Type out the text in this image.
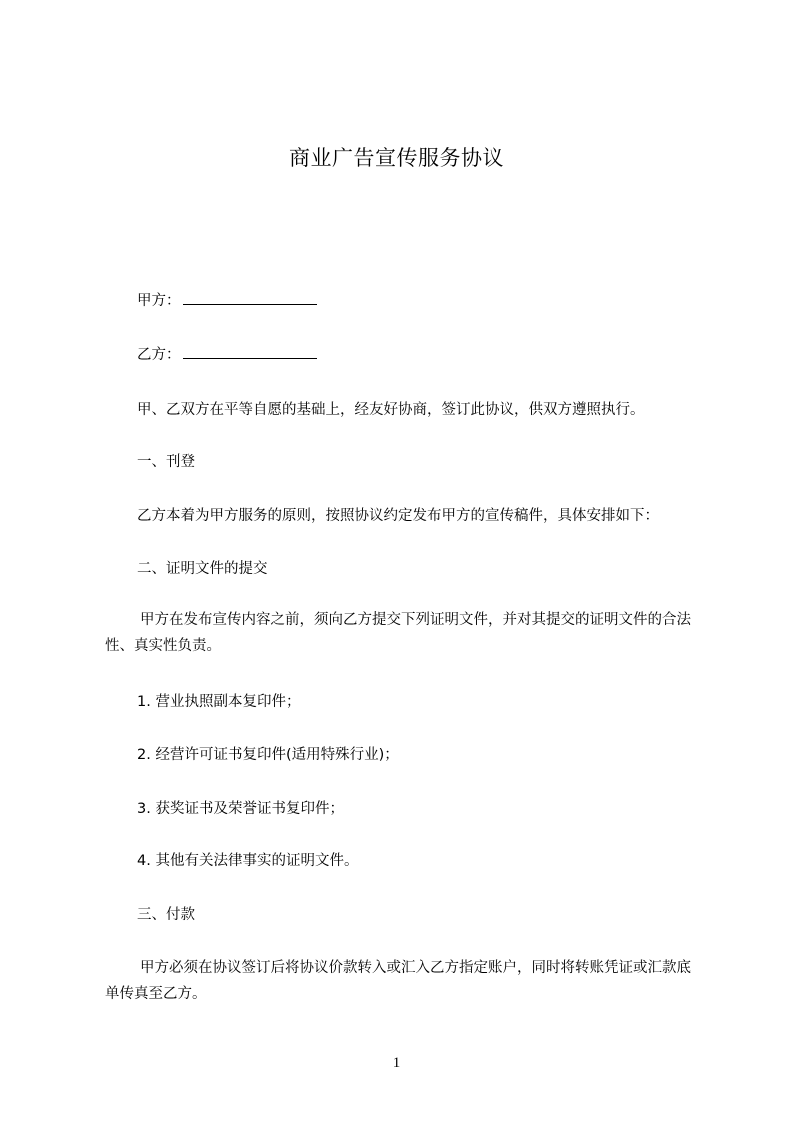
商业广告宣传服务协议
甲方：
乙方：
甲、乙双方在平等自愿的基础上，经友好协商，签订此协议，供双方遵照执行。
一、刊登
乙方本着为甲方服务的原则，按照协议约定发布甲方的宣传稿件，具体安排如下：
二、证明文件的提交
甲方在发布宣传内容之前，须向乙方提交下列证明文件，并对其提交的证明文件的合法性、真实性负责。
1. 营业执照副本复印件；
2. 经营许可证书复印件(适用特殊行业)；
3. 获奖证书及荣誉证书复印件；
4. 其他有关法律事实的证明文件。
三、付款
甲方必须在协议签订后将协议价款转入或汇入乙方指定账户，同时将转账凭证或汇款底单传真至乙方。
1
